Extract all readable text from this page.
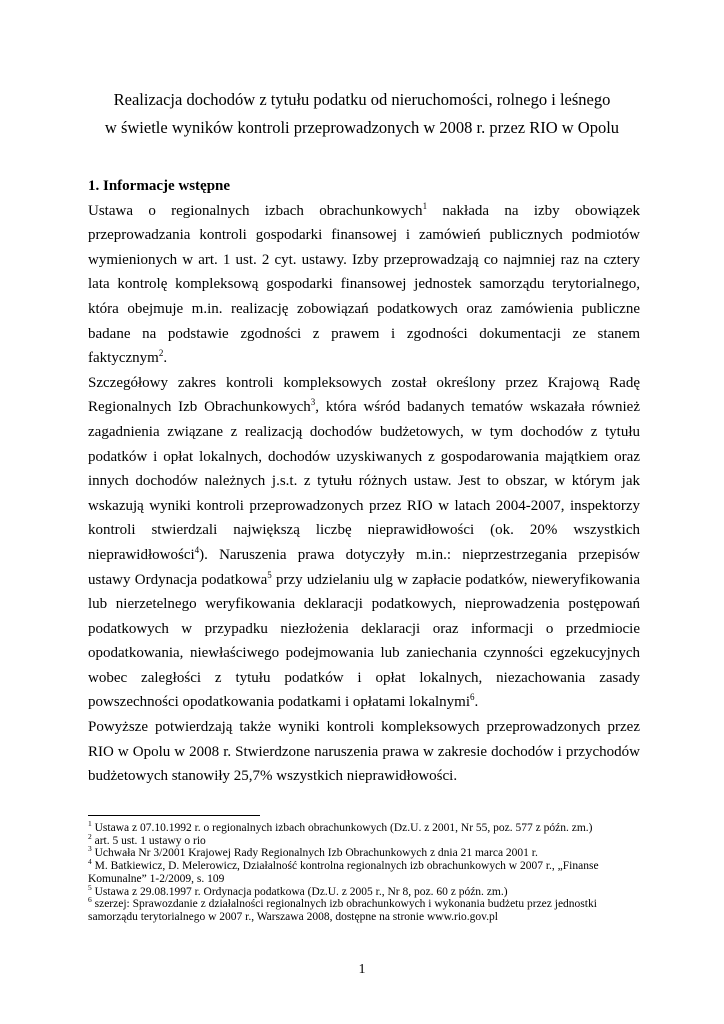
Realizacja dochodów z tytułu podatku od nieruchomości, rolnego i leśnego
w świetle wyników kontroli przeprowadzonych w 2008 r. przez RIO w Opolu
1. Informacje wstępne

Ustawa o regionalnych izbach obrachunkowych$^1$ nakłada na izby obowiązek przeprowadzania kontroli gospodarki finansowej i zamówień publicznych podmiotów wymienionych w art. 1 ust. 2 cyt. ustawy. Izby przeprowadzają co najmniej raz na cztery lata kontrolę kompleksową gospodarki finansowej jednostek samorządu terytorialnego, która obejmuje m.in. realizację zobowiązań podatkowych oraz zamówienia publiczne badane na podstawie zgodności z prawem i zgodności dokumentacji ze stanem faktycznym$^2$.

Szczegółowy zakres kontroli kompleksowych został określony przez Krajową Radę Regionalnych Izb Obrachunkowych$^3$, która wśród badanych tematów wskazała również zagadnienia związane z realizacją dochodów budżetowych, w tym dochodów z tytułu podatków i opłat lokalnych, dochodów uzyskiwanych z gospodarowania majątkiem oraz innych dochodów należnych j.s.t. z tytułu różnych ustaw. Jest to obszar, w którym jak wskazują wyniki kontroli przeprowadzonych przez RIO w latach 2004-2007, inspektorzy kontroli stwierdzali największą liczbę nieprawidłowości (ok. 20% wszystkich nieprawidłowości$^4$). Naruszenia prawa dotyczyły m.in.: nieprzestrzegania przepisów ustawy Ordynacja podatkowa$^5$ przy udzielaniu ulg w zapłacie podatków, nieweryfikowania lub nierzetelnego weryfikowania deklaracji podatkowych, nieprowadzenia postępowań podatkowych w przypadku niezłożenia deklaracji oraz informacji o przedmiocie opodatkowania, niewłaściwego podejmowania lub zaniechania czynności egzekucyjnych wobec zaległości z tytułu podatków i opłat lokalnych, niezachowania zasady powszechności opodatkowania podatkami i opłatami lokalnymi$^6$.

Powyższe potwierdzają także wyniki kontroli kompleksowych przeprowadzonych przez RIO w Opolu w 2008 r. Stwierdzone naruszenia prawa w zakresie dochodów i przychodów budżetowych stanowiły 25,7% wszystkich nieprawidłowości.

$^1$ Ustawa z 07.10.1992 r. o regionalnych izbach obrachunkowych (Dz.U. z 2001, Nr 55, poz. 577 z późn. zm.)

$^2$ art. 5 ust. 1 ustawy o rio

$^3$ Uchwała Nr 3/2001 Krajowej Rady Regionalnych Izb Obrachunkowych z dnia 21 marca 2001 r.

$^4$ M. Batkiewicz, D. Melerowicz, Działalność kontrolna regionalnych izb obrachunkowych w 2007 r., „Finanse Komunalne” 1-2/2009, s. 109

$^5$ Ustawa z 29.08.1997 r. Ordynacja podatkowa (Dz.U. z 2005 r., Nr 8, poz. 60 z późn. zm.)

$^6$ szerzej: Sprawozdanie z działalności regionalnych izb obrachunkowych i wykonania budżetu przez jednostki samorządu terytorialnego w 2007 r., Warszawa 2008, dostępne na stronie www.rio.gov.pl

1
